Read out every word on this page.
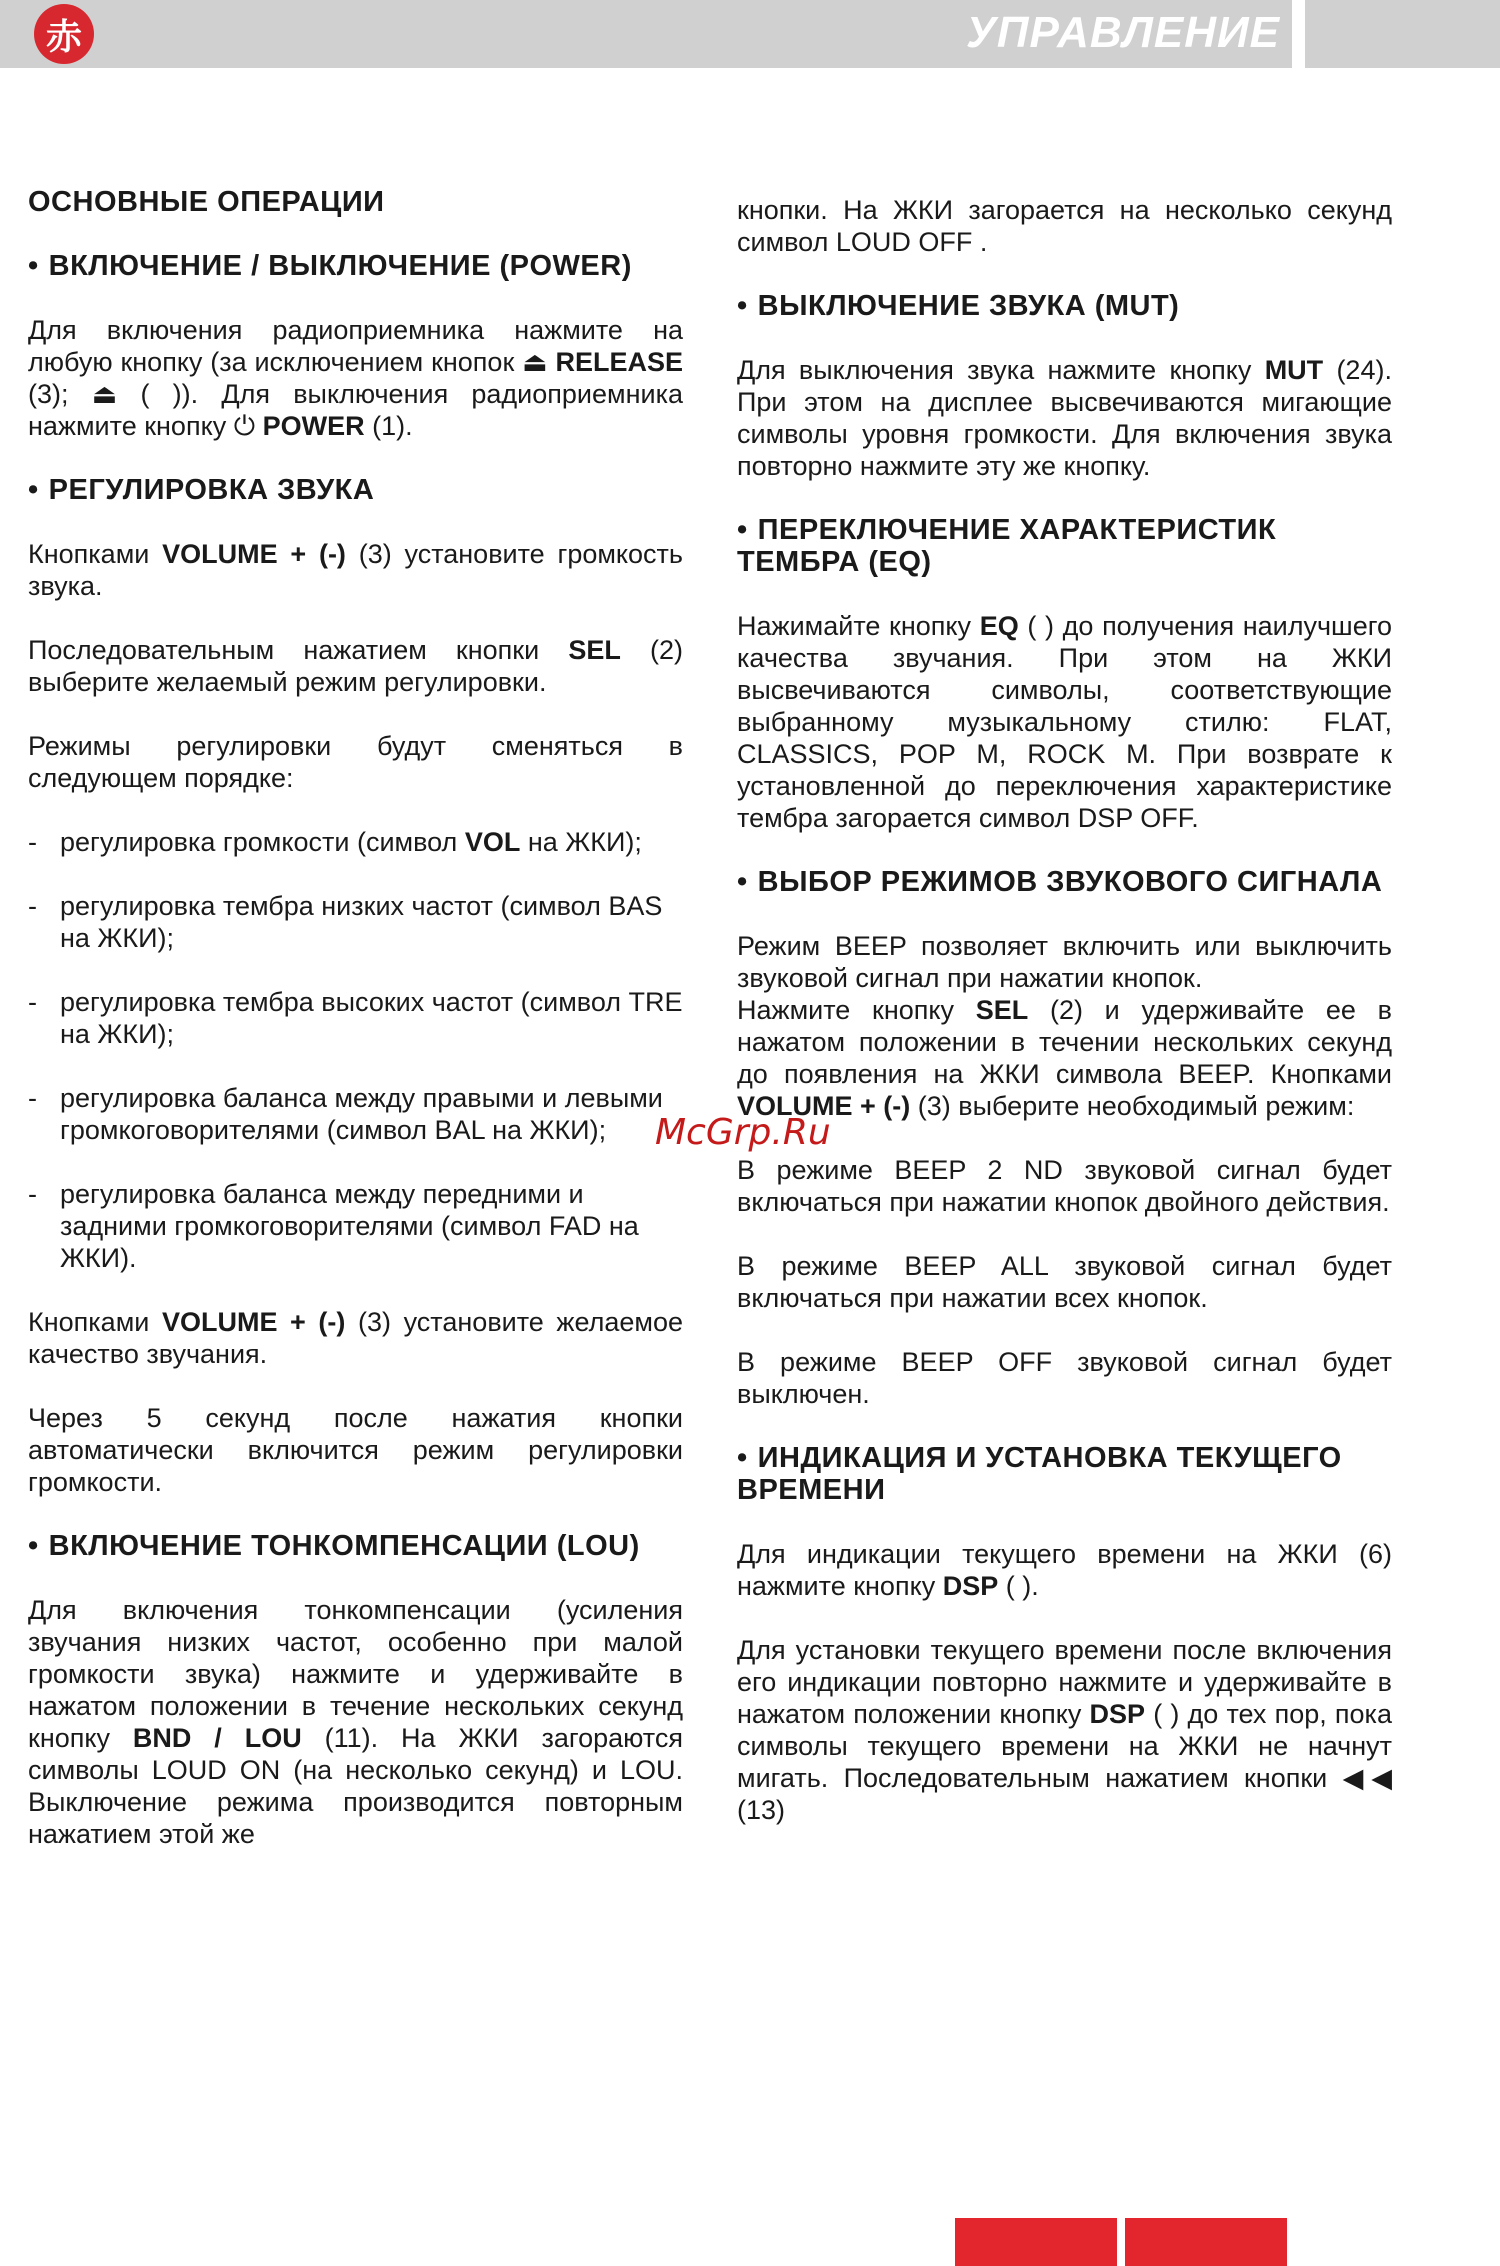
赤	УПРАВЛЕНИЕ
ОСНОВНЫЕ ОПЕРАЦИИ
• ВКЛЮЧЕНИЕ / ВЫКЛЮЧЕНИЕ (POWER)

Для включения радиоприемника нажмите на любую кнопку (за исключением кнопок ⏏ RELEASE (3); ⏏ ( )). Для выключения радиоприемника нажмите кнопку ⏻ POWER (1).

• РЕГУЛИРОВКА ЗВУКА

Кнопками VOLUME + (-) (3) установите громкость звука.

Последовательным нажатием кнопки SEL (2) выберите желаемый режим регулировки.

Режимы регулировки будут сменяться в следующем порядке:

- регулировка громкости (символ VOL на ЖКИ);
- регулировка тембра низких частот (символ BAS на ЖКИ);
- регулировка тембра высоких частот (символ TRE на ЖКИ);
- регулировка баланса между правыми и левыми громкоговорителями (символ BAL на ЖКИ);
- регулировка баланса между передними и задними громкоговорителями (символ FAD на ЖКИ).

Кнопками VOLUME + (-) (3) установите желаемое качество звучания.

Через 5 секунд после нажатия кнопки автоматически включится режим регулировки громкости.

• ВКЛЮЧЕНИЕ ТОНКОМПЕНСАЦИИ (LOU)

Для включения тонкомпенсации (усиления звучания низких частот, особенно при малой громкости звука) нажмите и удерживайте в нажатом положении в течение нескольких секунд кнопку BND / LOU (11). На ЖКИ загораются символы LOUD ON (на несколько секунд) и LOU. Выключение режима производится повторным нажатием этой же

кнопки. На ЖКИ загорается на несколько секунд символ LOUD OFF .

• ВЫКЛЮЧЕНИЕ ЗВУКА (MUT)

Для выключения звука нажмите кнопку MUT (24). При этом на дисплее высвечиваются мигающие символы уровня громкости. Для включения звука повторно нажмите эту же кнопку.

• ПЕРЕКЛЮЧЕНИЕ ХАРАКТЕРИСТИК ТЕМБРА (EQ)

Нажимайте кнопку EQ ( ) до получения наилучшего качества звучания. При этом на ЖКИ высвечиваются символы, соответствующие выбранному музыкальному стилю: FLAT, CLASSICS, POP M, ROCK M. При возврате к установленной до переключения характеристике тембра загорается символ DSP OFF.

• ВЫБОР РЕЖИМОВ ЗВУКОВОГО СИГНАЛА

Режим BEEP позволяет включить или выключить звуковой сигнал при нажатии кнопок.

Нажмите кнопку SEL (2) и удерживайте ее в нажатом положении в течении нескольких секунд до появления на ЖКИ символа BEEP. Кнопками VOLUME + (-) (3) выберите необходимый режим:

В режиме BEEP 2 ND звуковой сигнал будет включаться при нажатии кнопок двойного действия.

В режиме BEEP ALL звуковой сигнал будет включаться при нажатии всех кнопок.

В режиме BEEP OFF звуковой сигнал будет выключен.

• ИНДИКАЦИЯ И УСТАНОВКА ТЕКУЩЕГО ВРЕМЕНИ

Для индикации текущего времени на ЖКИ (6) нажмите кнопку DSP ( ).

Для установки текущего времени после включения его индикации повторно нажмите и удерживайте в нажатом положении кнопку DSP ( ) до тех пор, пока символы текущего времени на ЖКИ не начнут мигать. Последовательным нажатием кнопки ◀◀ (13)

McGrp.Ru
